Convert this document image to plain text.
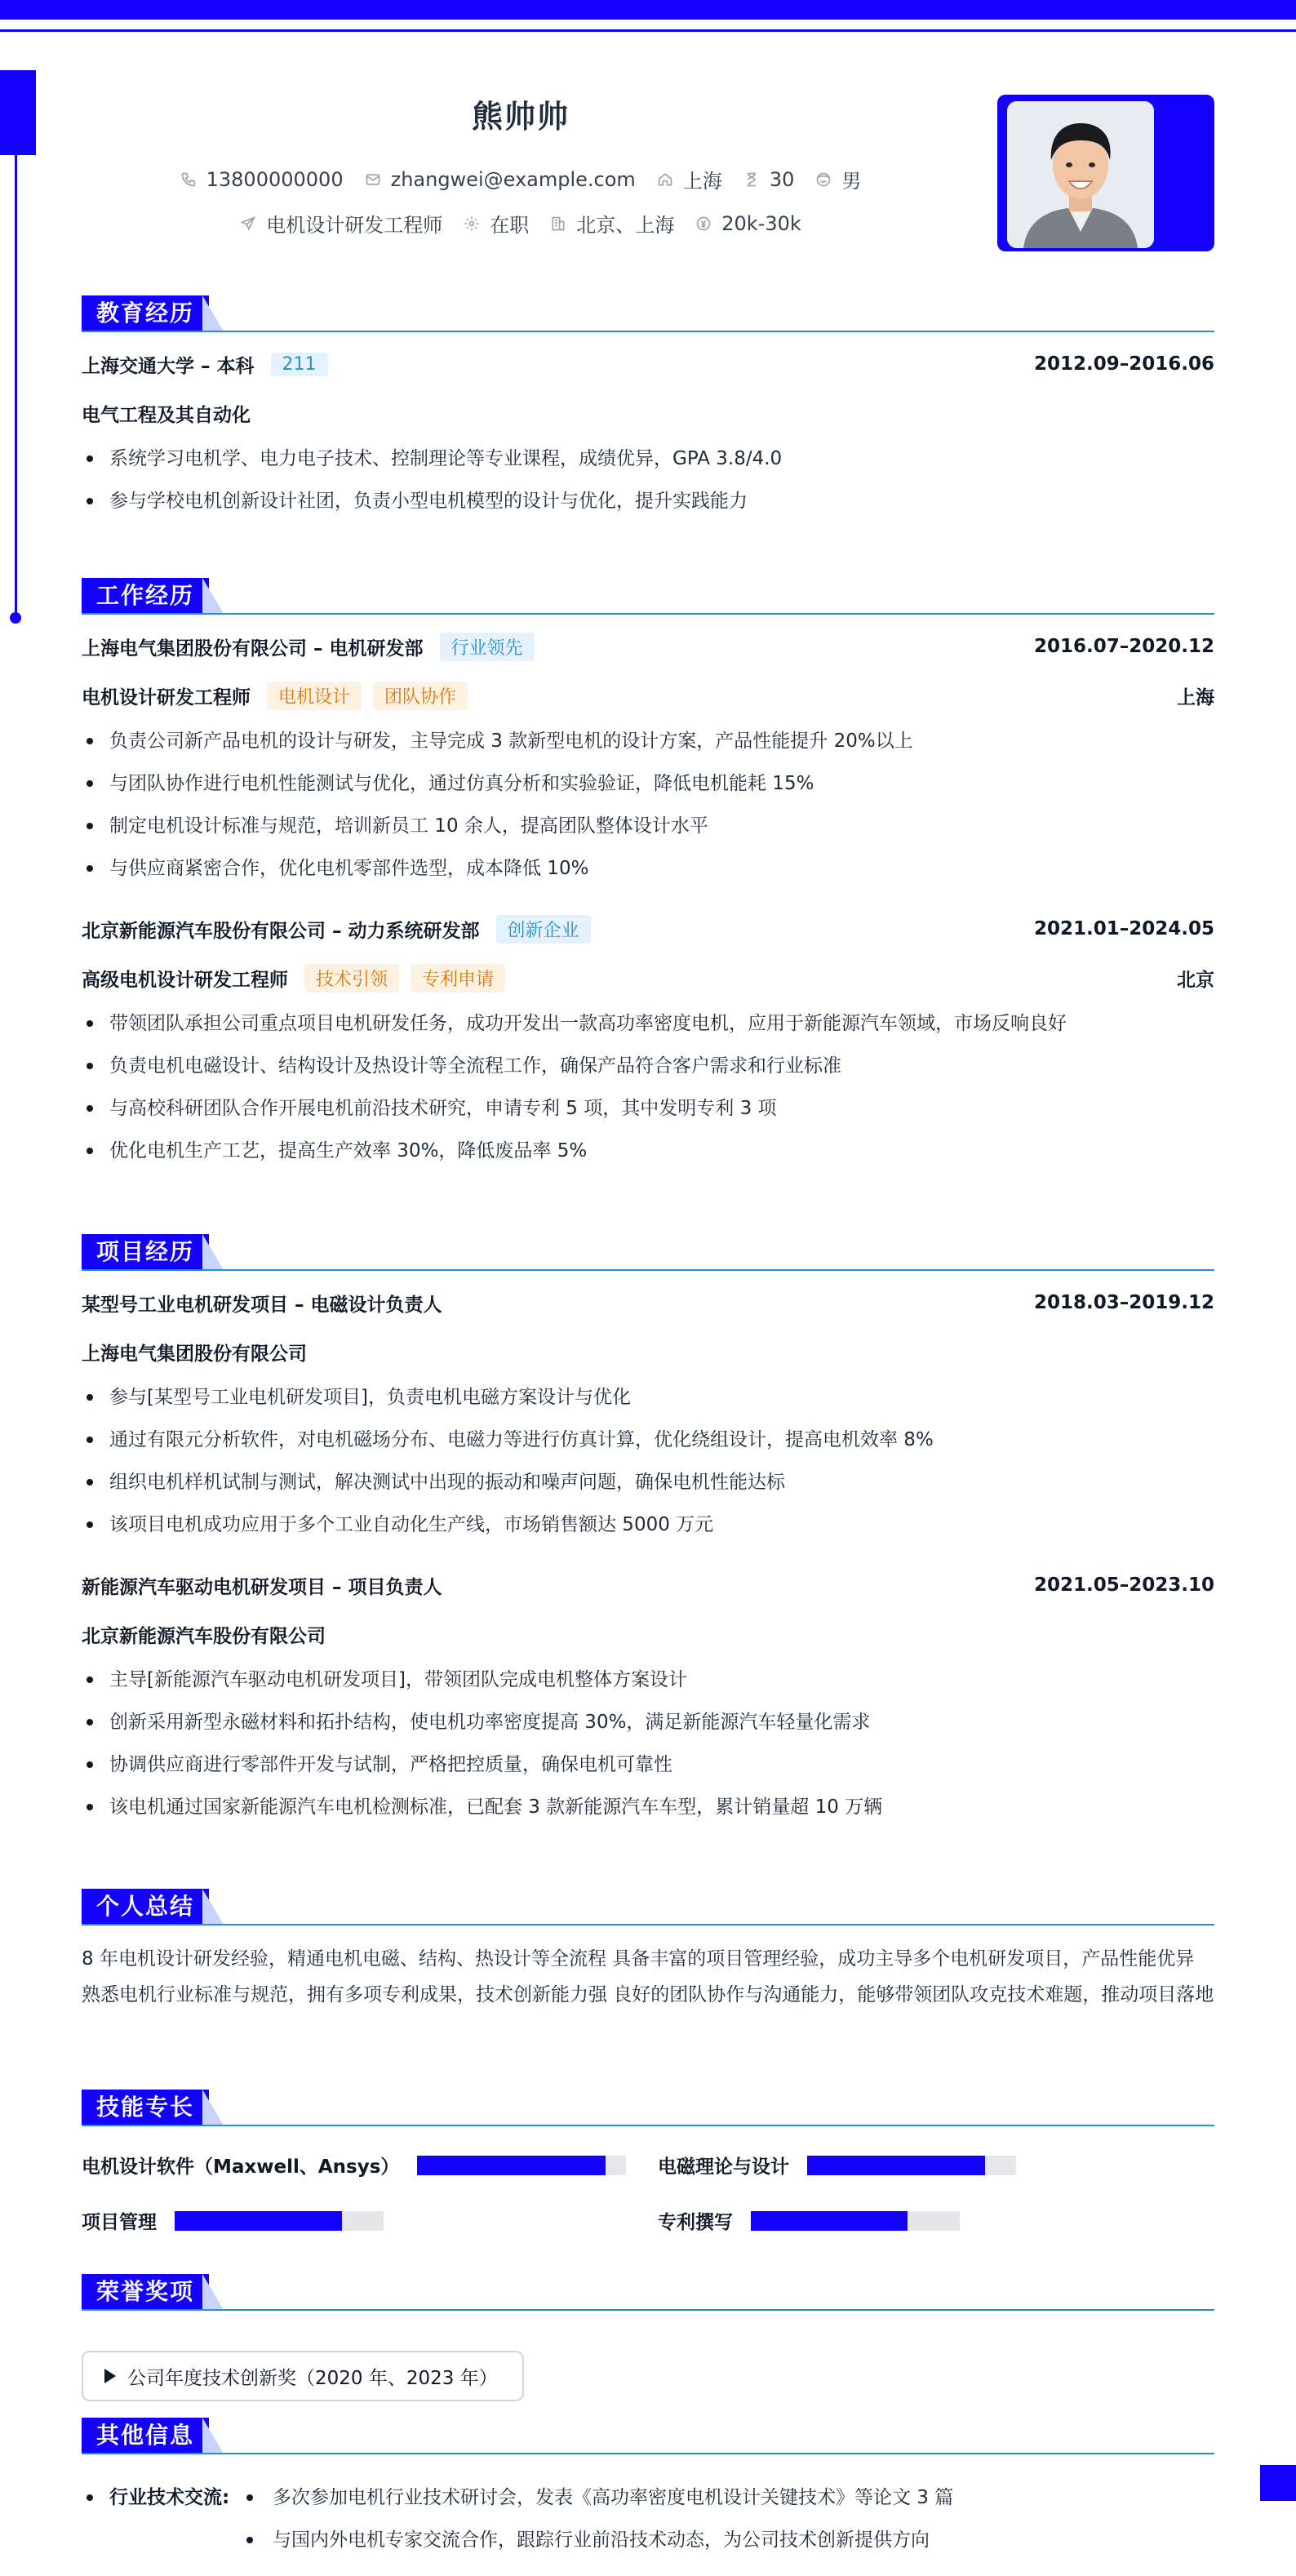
熊帅帅
13800000000 zhangwei@example.com 上海 30 男
电机设计研发工程师 在职 北京、上海 20k-30k
教育经历
上海交通大学 – 本科	211	2012.09–2016.06
电气工程及其自动化
系统学习电机学、电力电子技术、控制理论等专业课程，成绩优异，GPA 3.8/4.0
参与学校电机创新设计社团，负责小型电机模型的设计与优化，提升实践能力
工作经历
上海电气集团股份有限公司 – 电机研发部	行业领先	2016.07–2020.12
电机设计研发工程师	电机设计	团队协作	上海
负责公司新产品电机的设计与研发，主导完成 3 款新型电机的设计方案，产品性能提升 20%以上
与团队协作进行电机性能测试与优化，通过仿真分析和实验验证，降低电机能耗 15%
制定电机设计标准与规范，培训新员工 10 余人，提高团队整体设计水平
与供应商紧密合作，优化电机零部件选型，成本降低 10%
北京新能源汽车股份有限公司 – 动力系统研发部	创新企业	2021.01–2024.05
高级电机设计研发工程师	技术引领	专利申请	北京
带领团队承担公司重点项目电机研发任务，成功开发出一款高功率密度电机，应用于新能源汽车领域，市场反响良好
负责电机电磁设计、结构设计及热设计等全流程工作，确保产品符合客户需求和行业标准
与高校科研团队合作开展电机前沿技术研究，申请专利 5 项，其中发明专利 3 项
优化电机生产工艺，提高生产效率 30%，降低废品率 5%
项目经历
某型号工业电机研发项目 – 电磁设计负责人	2018.03–2019.12
上海电气集团股份有限公司
参与[某型号工业电机研发项目]，负责电机电磁方案设计与优化
通过有限元分析软件，对电机磁场分布、电磁力等进行仿真计算，优化绕组设计，提高电机效率 8%
组织电机样机试制与测试，解决测试中出现的振动和噪声问题，确保电机性能达标
该项目电机成功应用于多个工业自动化生产线，市场销售额达 5000 万元
新能源汽车驱动电机研发项目 – 项目负责人	2021.05–2023.10
北京新能源汽车股份有限公司
主导[新能源汽车驱动电机研发项目]，带领团队完成电机整体方案设计
创新采用新型永磁材料和拓扑结构，使电机功率密度提高 30%，满足新能源汽车轻量化需求
协调供应商进行零部件开发与试制，严格把控质量，确保电机可靠性
该电机通过国家新能源汽车电机检测标准，已配套 3 款新能源汽车车型，累计销量超 10 万辆
个人总结
8 年电机设计研发经验，精通电机电磁、结构、热设计等全流程 具备丰富的项目管理经验，成功主导多个电机研发项目，产品性能优异 熟悉电机行业标准与规范，拥有多项专利成果，技术创新能力强 良好的团队协作与沟通能力，能够带领团队攻克技术难题，推动项目落地
技能专长
电机设计软件（Maxwell、Ansys）	电磁理论与设计
项目管理	专利撰写
荣誉奖项
公司年度技术创新奖（2020 年、2023 年）
其他信息
行业技术交流:	多次参加电机行业技术研讨会，发表《高功率密度电机设计关键技术》等论文 3 篇
与国内外电机专家交流合作，跟踪行业前沿技术动态，为公司技术创新提供方向
